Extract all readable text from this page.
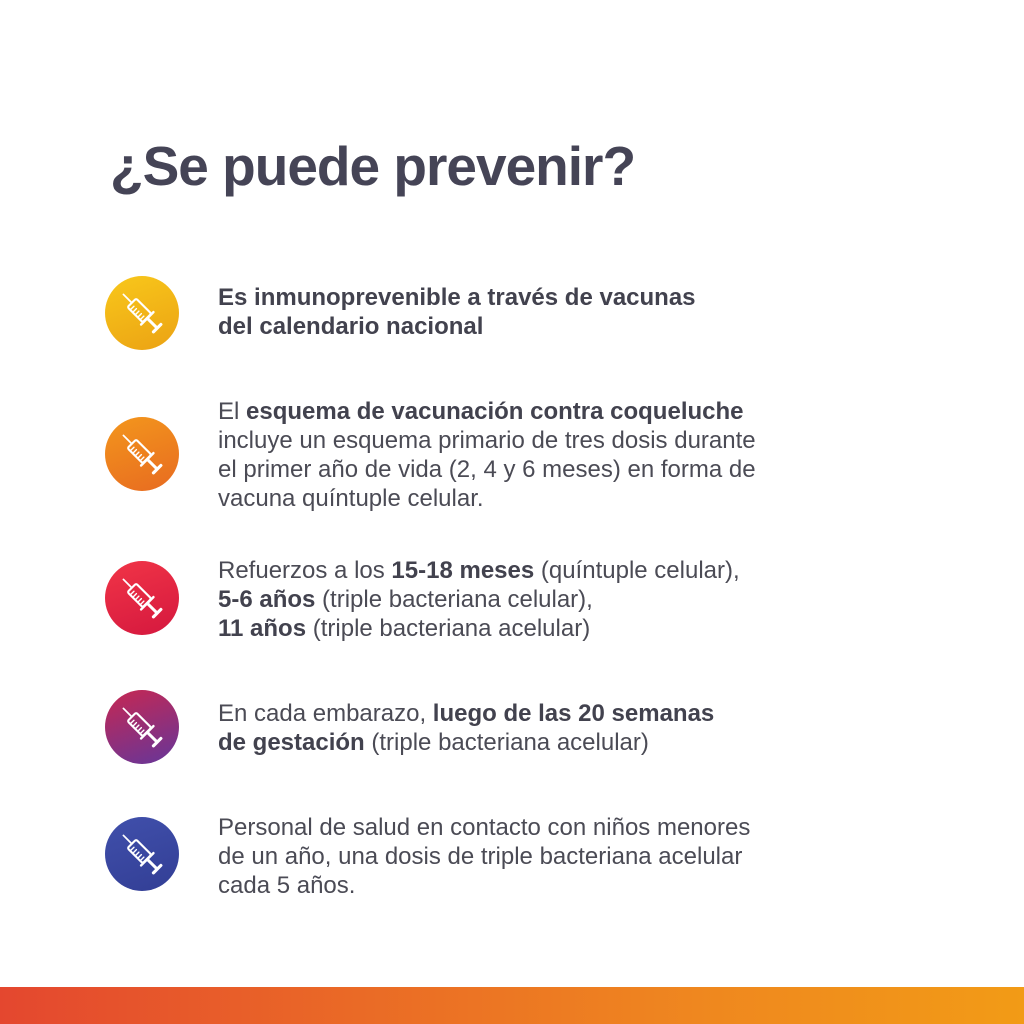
¿Se puede prevenir?
Es inmunoprevenible a través de vacunas
del calendario nacional
El esquema de vacunación contra coqueluche
incluye un esquema primario de tres dosis durante
el primer año de vida (2, 4 y 6 meses) en forma de
vacuna quíntuple celular.
Refuerzos a los 15-18 meses (quíntuple celular),
5-6 años (triple bacteriana celular),
11 años (triple bacteriana acelular)
En cada embarazo, luego de las 20 semanas
de gestación (triple bacteriana acelular)
Personal de salud en contacto con niños menores
de un año, una dosis de triple bacteriana acelular
cada 5 años.
